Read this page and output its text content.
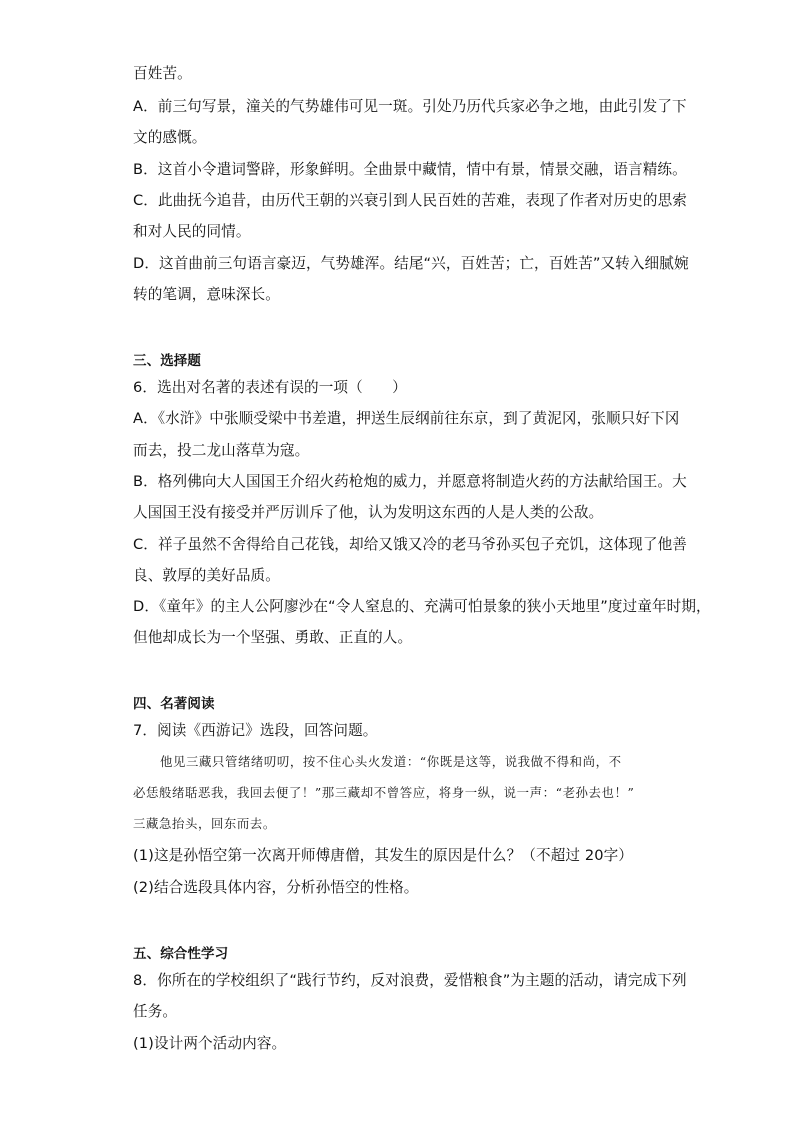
百姓苦。
A．前三句写景，潼关的气势雄伟可见一斑。引处乃历代兵家必争之地，由此引发了下
文的感慨。
B．这首小令遣词警辟，形象鲜明。全曲景中藏情，情中有景，情景交融，语言精练。
C．此曲抚今追昔，由历代王朝的兴衰引到人民百姓的苦难，表现了作者对历史的思索
和对人民的同情。
D．这首曲前三句语言豪迈，气势雄浑。结尾“兴，百姓苦；亡，百姓苦”又转入细腻婉
转的笔调，意味深长。
三、选择题
6．选出对名著的表述有误的一项（　　）
A．《水浒》中张顺受梁中书差遣，押送生辰纲前往东京，到了黄泥冈，张顺只好下冈
而去，投二龙山落草为寇。
B．格列佛向大人国国王介绍火药枪炮的威力，并愿意将制造火药的方法献给国王。大
人国国王没有接受并严厉训斥了他，认为发明这东西的人是人类的公敌。
C．祥子虽然不舍得给自己花钱，却给又饿又冷的老马爷孙买包子充饥，这体现了他善
良、敦厚的美好品质。
D．《童年》的主人公阿廖沙在“令人窒息的、充满可怕景象的狭小天地里”度过童年时期，
但他却成长为一个坚强、勇敢、正直的人。
四、名著阅读
7．阅读《西游记》选段，回答问题。
他见三藏只管绪绪叨叨，按不住心头火发道：“你既是这等，说我做不得和尚，不
必恁般绪聒恶我，我回去便了！”那三藏却不曾答应，将身一纵，说一声：“老孙去也！”
三藏急抬头，回东而去。
(1)这是孙悟空第一次离开师傅唐僧，其发生的原因是什么？（不超过 20字）
(2)结合选段具体内容，分析孙悟空的性格。
五、综合性学习
8．你所在的学校组织了“践行节约，反对浪费，爱惜粮食”为主题的活动，请完成下列
任务。
(1)设计两个活动内容。
